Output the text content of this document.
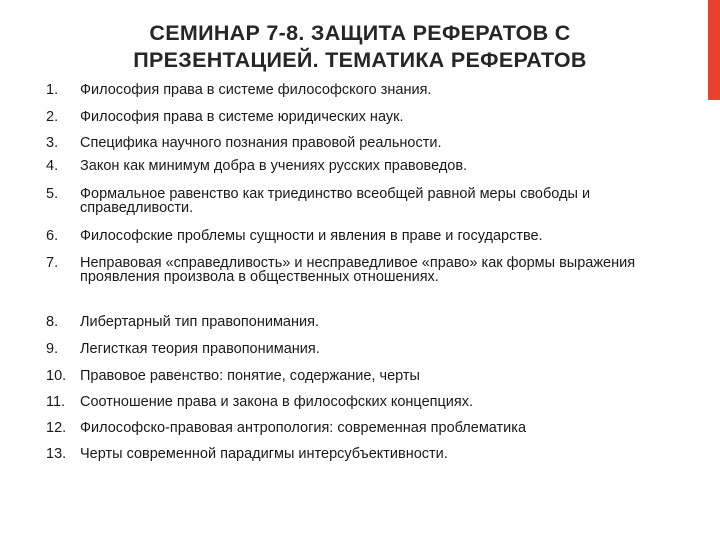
СЕМИНАР 7-8. ЗАЩИТА РЕФЕРАТОВ С
ПРЕЗЕНТАЦИЕЙ. ТЕМАТИКА РЕФЕРАТОВ
1. Философия права в системе философского знания.
2. Философия права в системе юридических наук.
3. Специфика научного познания правовой реальности.
4. Закон как минимум добра в учениях русских правоведов.
5. Формальное равенство как триединство всеобщей равной меры свободы и справедливости.
6. Философские проблемы сущности и явления в праве и государстве.
7. Неправовая «справедливость» и несправедливое «право» как формы выражения проявления произвола в общественных отношениях.
8. Либертарный тип правопонимания.
9. Легисткая теория правопонимания.
10. Правовое равенство: понятие, содержание, черты
11. Соотношение права и закона в философских концепциях.
12. Философско-правовая антропология: современная проблематика
13. Черты современной парадигмы интерсубъективности.
